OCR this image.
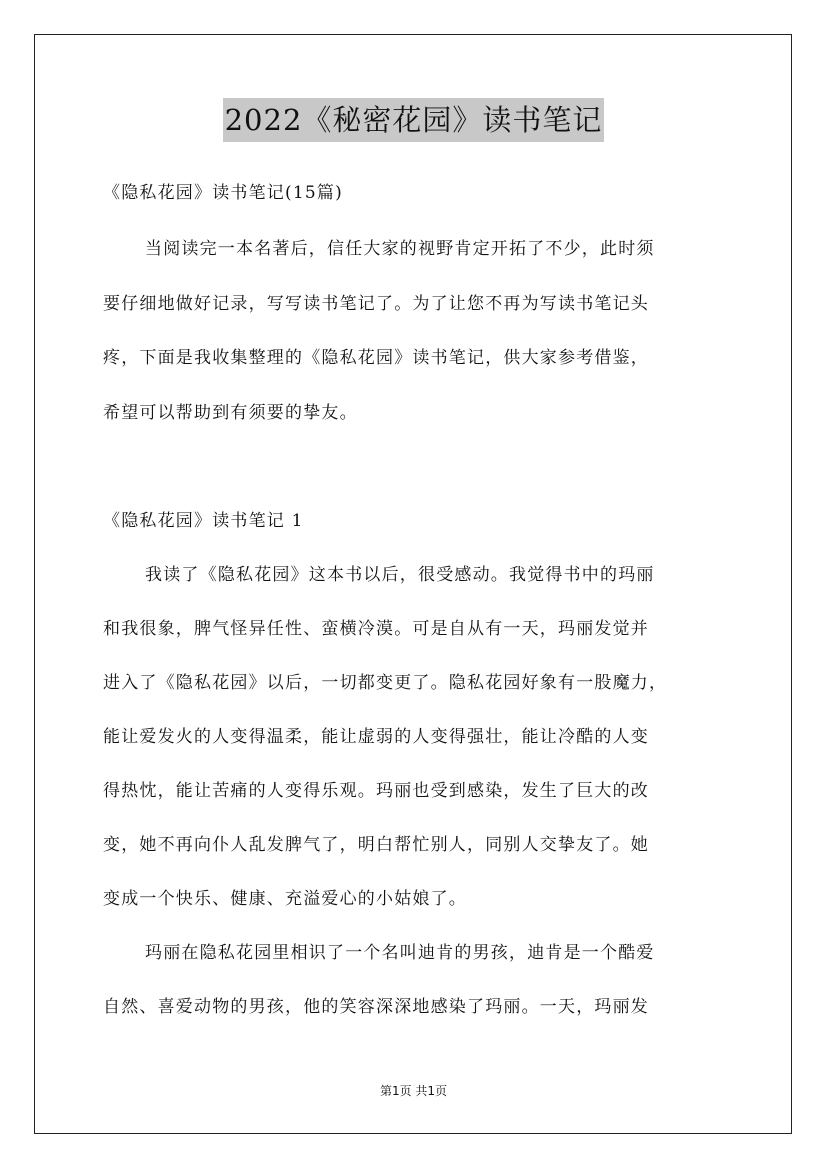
2022《秘密花园》读书笔记
《隐私花园》读书笔记(15篇)
当阅读完一本名著后，信任大家的视野肯定开拓了不少，此时须
要仔细地做好记录，写写读书笔记了。为了让您不再为写读书笔记头
疼，下面是我收集整理的《隐私花园》读书笔记，供大家参考借鉴，
希望可以帮助到有须要的挚友。
《隐私花园》读书笔记 1
我读了《隐私花园》这本书以后，很受感动。我觉得书中的玛丽
和我很象，脾气怪异任性、蛮横冷漠。可是自从有一天，玛丽发觉并
进入了《隐私花园》以后，一切都变更了。隐私花园好象有一股魔力，
能让爱发火的人变得温柔，能让虚弱的人变得强壮，能让冷酷的人变
得热忱，能让苦痛的人变得乐观。玛丽也受到感染，发生了巨大的改
变，她不再向仆人乱发脾气了，明白帮忙别人，同别人交挚友了。她
变成一个快乐、健康、充溢爱心的小姑娘了。
玛丽在隐私花园里相识了一个名叫迪肯的男孩，迪肯是一个酷爱
自然、喜爱动物的男孩，他的笑容深深地感染了玛丽。一天，玛丽发
第1页 共1页
